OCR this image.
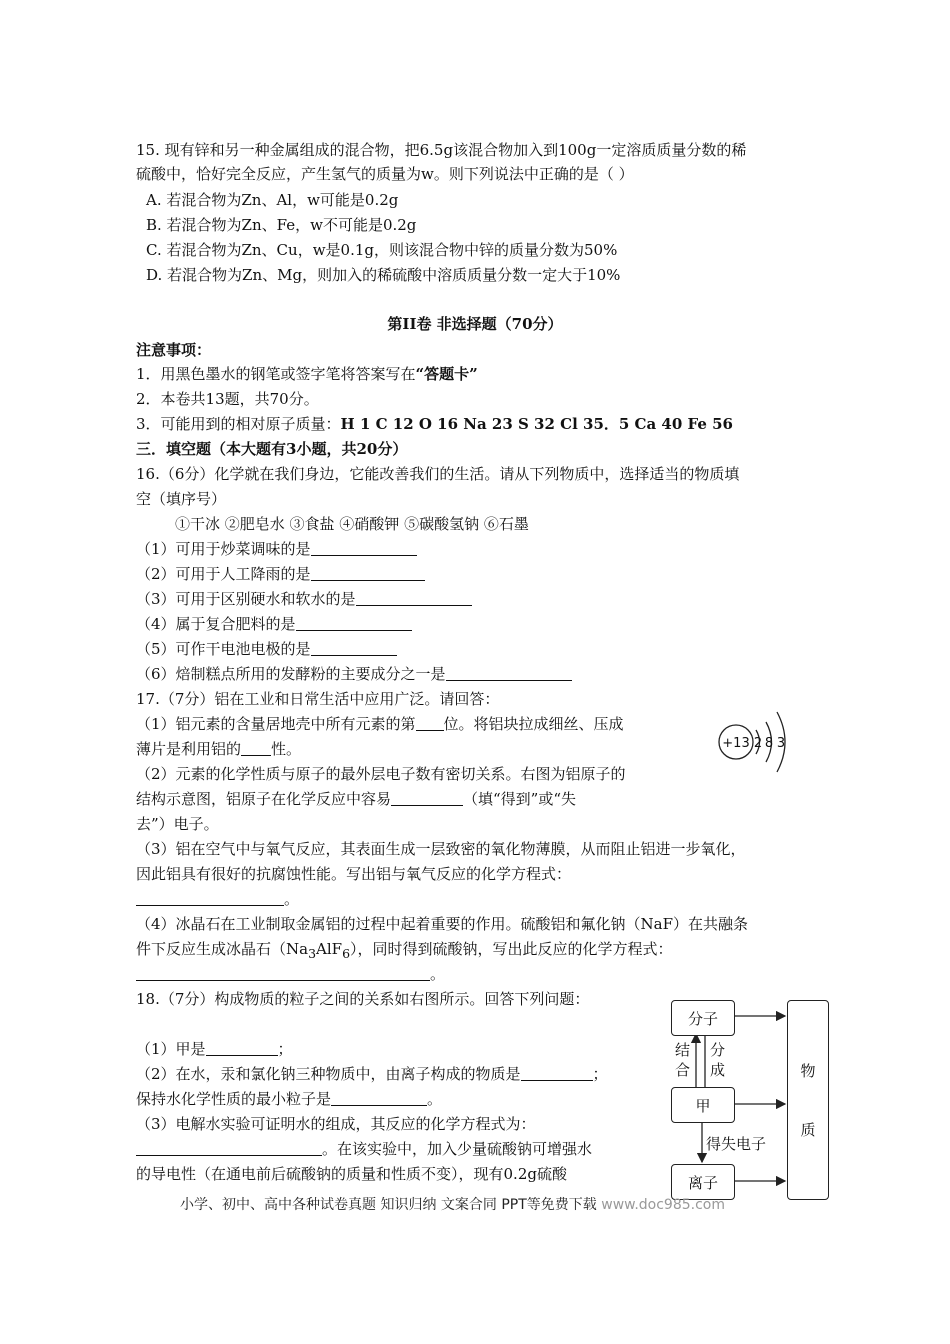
15. 现有锌和另一种金属组成的混合物，把6.5g该混合物加入到100g一定溶质质量分数的稀
硫酸中，恰好完全反应，产生氢气的质量为w。则下列说法中正确的是（ ）
A. 若混合物为Zn、Al，w可能是0.2g
B. 若混合物为Zn、Fe，w不可能是0.2g
C. 若混合物为Zn、Cu，w是0.1g，则该混合物中锌的质量分数为50%
D. 若混合物为Zn、Mg，则加入的稀硫酸中溶质质量分数一定大于10%
第II卷 非选择题（70分）
注意事项：
1．用黑色墨水的钢笔或签字笔将答案写在“答题卡”
2．本卷共13题，共70分。
3．可能用到的相对原子质量：H 1 C 12 O 16 Na 23 S 32 Cl 35．5 Ca 40 Fe 56
三．填空题（本大题有3小题，共20分）
16.（6分）化学就在我们身边，它能改善我们的生活。请从下列物质中，选择适当的物质填
空（填序号）
①干冰 ②肥皂水 ③食盐 ④硝酸钾 ⑤碳酸氢钠 ⑥石墨
（1）可用于炒菜调味的是
（2）可用于人工降雨的是
（3）可用于区别硬水和软水的是
（4）属于复合肥料的是
（5）可作干电池电极的是
（6）焙制糕点所用的发酵粉的主要成分之一是
17.（7分）铝在工业和日常生活中应用广泛。请回答：
（1）铝元素的含量居地壳中所有元素的第 位。将铝块拉成细丝、压成
薄片是利用铝的 性。
（2）元素的化学性质与原子的最外层电子数有密切关系。右图为铝原子的
结构示意图，铝原子在化学反应中容易	（填“得到”或“失
去”）电子。
（3）铝在空气中与氧气反应，其表面生成一层致密的氧化物薄膜，从而阻止铝进一步氧化，
因此铝具有很好的抗腐蚀性能。写出铝与氧气反应的化学方程式：
。
（4）冰晶石在工业制取金属铝的过程中起着重要的作用。硫酸铝和氟化钠（NaF）在共融条
件下反应生成冰晶石$(Na_3AlF_6)$，同时得到硫酸钠，写出此反应的化学方程式：
。
+13 2 8 3
18.（7分）构成物质的粒子之间的关系如右图所示。回答下列问题：
（1）甲是	；
（2）在水，汞和氯化钠三种物质中，由离子构成的物质是	；
保持水化学性质的最小粒子是	。
（3）电解水实验可证明水的组成，其反应的化学方程式为：
。在该实验中，加入少量硫酸钠可增强水
的导电性（在通电前后硫酸钠的质量和性质不变），现有0.2g硫酸
分子
甲
离子
物
质
结
合
分
成
得失电子
小学、初中、高中各种试卷真题 知识归纳 文案合同 PPT等免费下载 www.doc985.com
